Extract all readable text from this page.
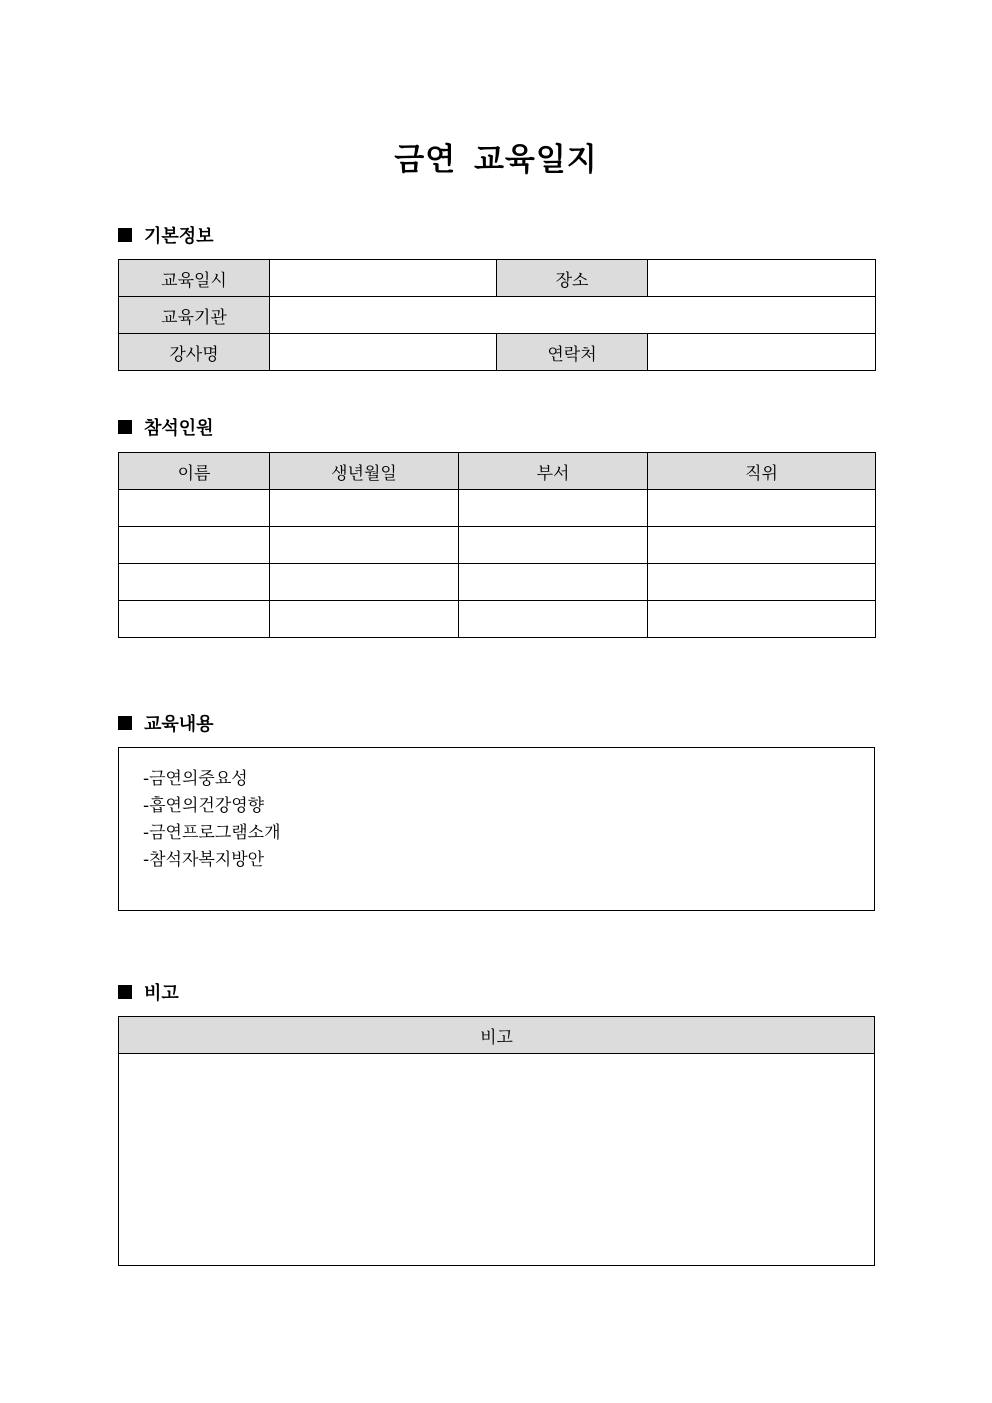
금연 교육일지
기본정보
교육일시		장소	
교육기관			
강사명		연락처	
참석인원
이름	생년월일	부서	직위

교육내용
-금연의중요성
-흡연의건강영향
-금연프로그램소개
-참석자복지방안
비고
비고
